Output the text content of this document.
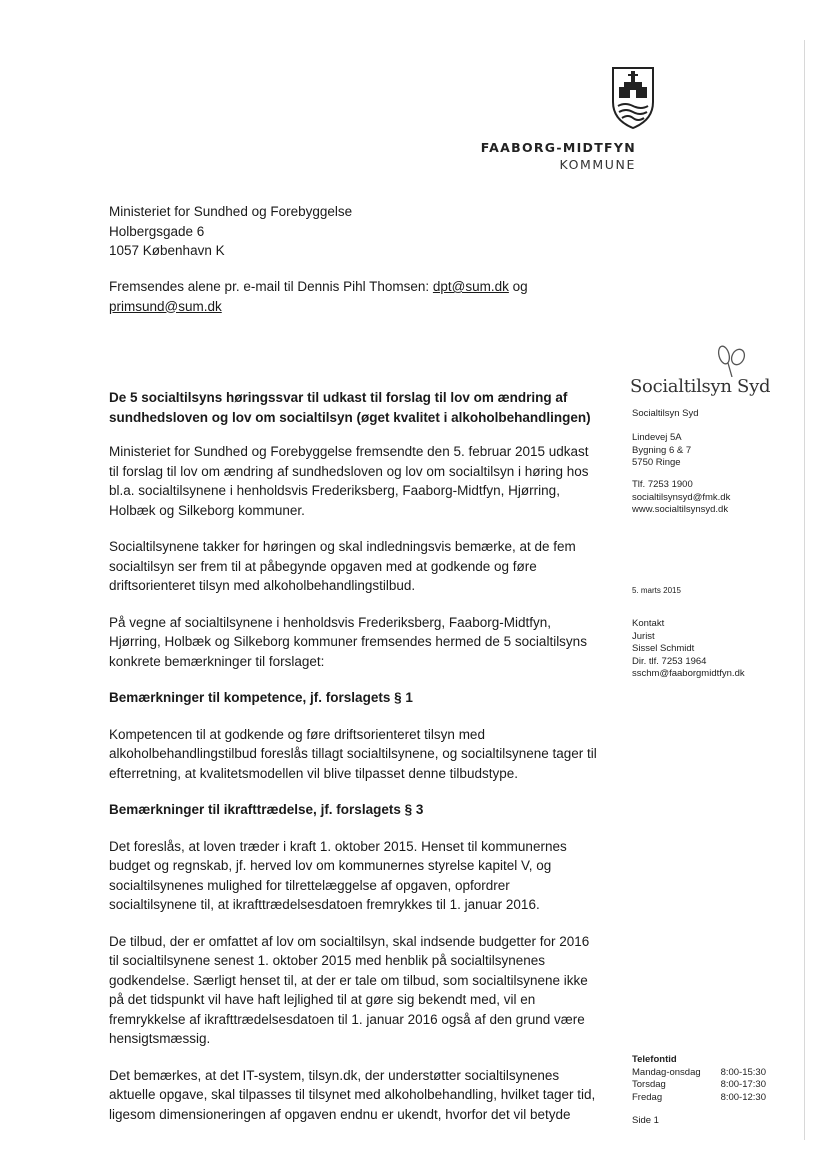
FAABORG-MIDTFYN
KOMMUNE
Ministeriet for Sundhed og Forebyggelse
Holbergsgade 6
1057 København K
Fremsendes alene pr. e-mail til Dennis Pihl Thomsen: dpt@sum.dk og
primsund@sum.dk
Socialtilsyn Syd
De 5 socialtilsyns høringssvar til udkast til forslag til lov om ændring af sundhedsloven og lov om socialtilsyn (øget kvalitet i alkoholbehandlingen)

Ministeriet for Sundhed og Forebyggelse fremsendte den 5. februar 2015 udkast til forslag til lov om ændring af sundhedsloven og lov om socialtilsyn i høring hos bl.a. socialtilsynene i henholdsvis Frederiksberg, Faaborg-Midtfyn, Hjørring, Holbæk og Silkeborg kommuner.

Socialtilsynene takker for høringen og skal indledningsvis bemærke, at de fem socialtilsyn ser frem til at påbegynde opgaven med at godkende og føre driftsorienteret tilsyn med alkoholbehandlingstilbud.

På vegne af socialtilsynene i henholdsvis Frederiksberg, Faaborg-Midtfyn, Hjørring, Holbæk og Silkeborg kommuner fremsendes hermed de 5 socialtilsyns konkrete bemærkninger til forslaget:

Bemærkninger til kompetence, jf. forslagets § 1

Kompetencen til at godkende og føre driftsorienteret tilsyn med alkoholbehandlingstilbud foreslås tillagt socialtilsynene, og socialtilsynene tager til efterretning, at kvalitetsmodellen vil blive tilpasset denne tilbudstype.

Bemærkninger til ikrafttrædelse, jf. forslagets § 3

Det foreslås, at loven træder i kraft 1. oktober 2015. Henset til kommunernes budget og regnskab, jf. herved lov om kommunernes styrelse kapitel V, og socialtilsynenes mulighed for tilrettelæggelse af opgaven, opfordrer socialtilsynene til, at ikrafttrædelsesdatoen fremrykkes til 1. januar 2016.

De tilbud, der er omfattet af lov om socialtilsyn, skal indsende budgetter for 2016 til socialtilsynene senest 1. oktober 2015 med henblik på socialtilsynenes godkendelse. Særligt henset til, at der er tale om tilbud, som socialtilsynene ikke på det tidspunkt vil have haft lejlighed til at gøre sig bekendt med, vil en fremrykkelse af ikrafttrædelsesdatoen til 1. januar 2016 også af den grund være hensigtsmæssig.

Det bemærkes, at det IT-system, tilsyn.dk, der understøtter socialtilsynenes aktuelle opgave, skal tilpasses til tilsynet med alkoholbehandling, hvilket tager tid, ligesom dimensioneringen af opgaven endnu er ukendt, hvorfor det vil betyde

Socialtilsyn Syd
Lindevej 5A
Bygning 6 & 7
5750 Ringe
Tlf. 7253 1900
socialtilsynsyd@fmk.dk
www.socialtilsynsyd.dk
5. marts 2015
Kontakt
Jurist
Sissel Schmidt
Dir. tlf. 7253 1964
sschm@faaborgmidtfyn.dk
Telefontid
Mandag-onsdag 8:00-15:30
Torsdag	8:00-17:30
Fredag	8:00-12:30
Side 1
